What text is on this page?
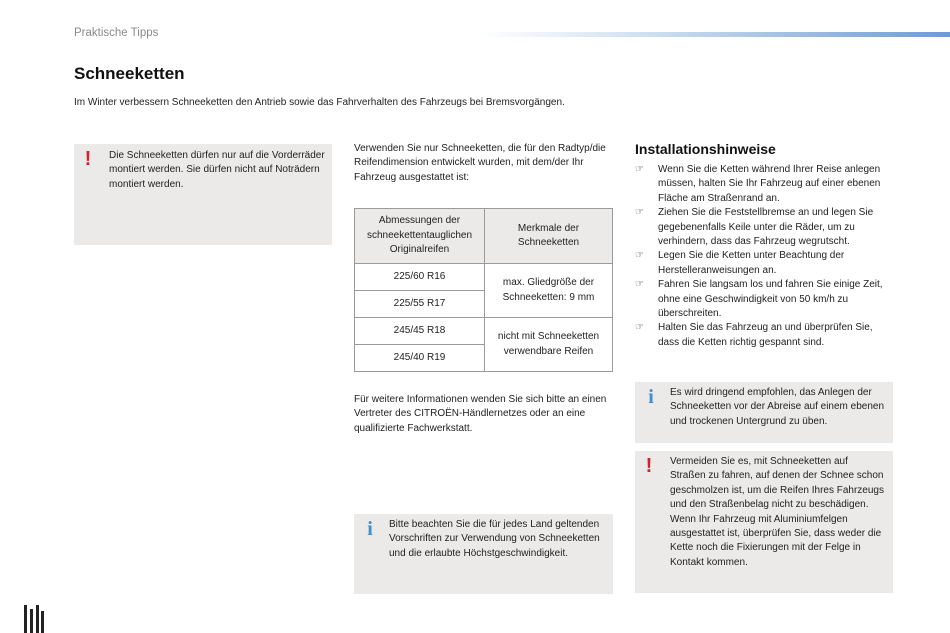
Praktische Tipps
Schneeketten

Im Winter verbessern Schneeketten den Antrieb sowie das Fahrverhalten des Fahrzeugs bei Bremsvorgängen.

! Die Schneeketten dürfen nur auf die Vorderräder montiert werden. Sie dürfen nicht auf Noträdern montiert werden.

Verwenden Sie nur Schneeketten, die für den Radtyp/die Reifendimension entwickelt wurden, mit dem/der Ihr Fahrzeug ausgestattet ist:

Abmessungen der schneekettentauglichen Originalreifen	Merkmale der Schneeketten
225/60 R16	max. Gliedgröße der Schneeketten: 9 mm
225/55 R17	
245/45 R18	nicht mit Schneeketten verwendbare Reifen
245/40 R19	

Für weitere Informationen wenden Sie sich bitte an einen Vertreter des CITROËN-Händlernetzes oder an eine qualifizierte Fachwerkstatt.

i Bitte beachten Sie die für jedes Land geltenden Vorschriften zur Verwendung von Schneeketten und die erlaubte Höchstgeschwindigkeit.

Installationshinweise
☞ Wenn Sie die Ketten während Ihrer Reise anlegen müssen, halten Sie Ihr Fahrzeug auf einer ebenen Fläche am Straßenrand an.
☞ Ziehen Sie die Feststellbremse an und legen Sie gegebenenfalls Keile unter die Räder, um zu verhindern, dass das Fahrzeug wegrutscht.
☞ Legen Sie die Ketten unter Beachtung der Herstelleranweisungen an.
☞ Fahren Sie langsam los und fahren Sie einige Zeit, ohne eine Geschwindigkeit von 50 km/h zu überschreiten.
☞ Halten Sie das Fahrzeug an und überprüfen Sie, dass die Ketten richtig gespannt sind.
i Es wird dringend empfohlen, das Anlegen der Schneeketten vor der Abreise auf einem ebenen und trockenen Untergrund zu üben.

! Vermeiden Sie es, mit Schneeketten auf Straßen zu fahren, auf denen der Schnee schon geschmolzen ist, um die Reifen Ihres Fahrzeugs und den Straßenbelag nicht zu beschädigen. Wenn Ihr Fahrzeug mit Aluminiumfelgen ausgestattet ist, überprüfen Sie, dass weder die Kette noch die Fixierungen mit der Felge in Kontakt kommen.
